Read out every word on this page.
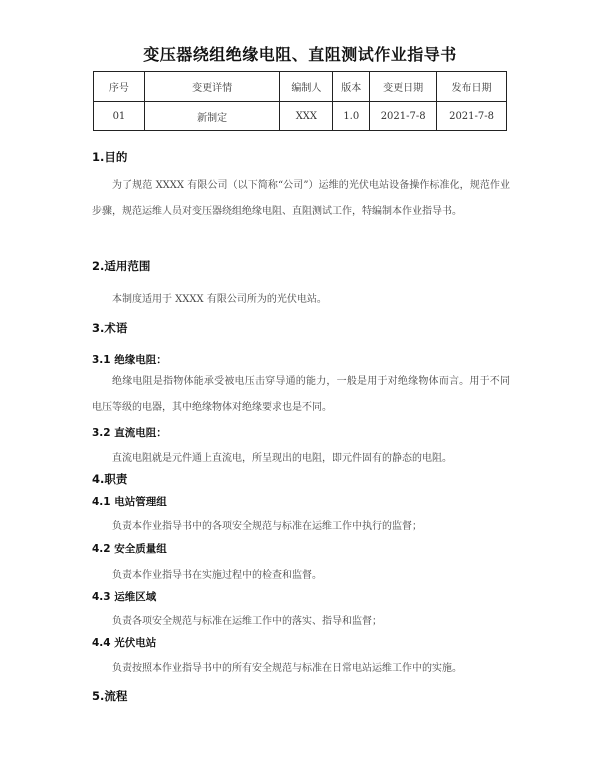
变压器绕组绝缘电阻、直阻测试作业指导书
序号	变更详情	编制人	版本	变更日期	发布日期
01	新制定	XXX	1.0	2021-7-8	2021-7-8
1.目的
为了规范 XXXX 有限公司（以下简称“公司”）运维的光伏电站设备操作标准化，规范作业步骤，规范运维人员对变压器绕组绝缘电阻、直阻测试工作，特编制本作业指导书。
2.适用范围
本制度适用于 XXXX 有限公司所为的光伏电站。
3.术语
3.1 绝缘电阻：
绝缘电阻是指物体能承受被电压击穿导通的能力，一般是用于对绝缘物体而言。用于不同电压等级的电器，其中绝缘物体对绝缘要求也是不同。
3.2 直流电阻：
直流电阻就是元件通上直流电，所呈现出的电阻，即元件固有的静态的电阻。
4.职责
4.1 电站管理组
负责本作业指导书中的各项安全规范与标准在运维工作中执行的监督；
4.2 安全质量组
负责本作业指导书在实施过程中的检查和监督。
4.3 运维区域
负责各项安全规范与标准在运维工作中的落实、指导和监督；
4.4 光伏电站
负责按照本作业指导书中的所有安全规范与标准在日常电站运维工作中的实施。
5.流程
